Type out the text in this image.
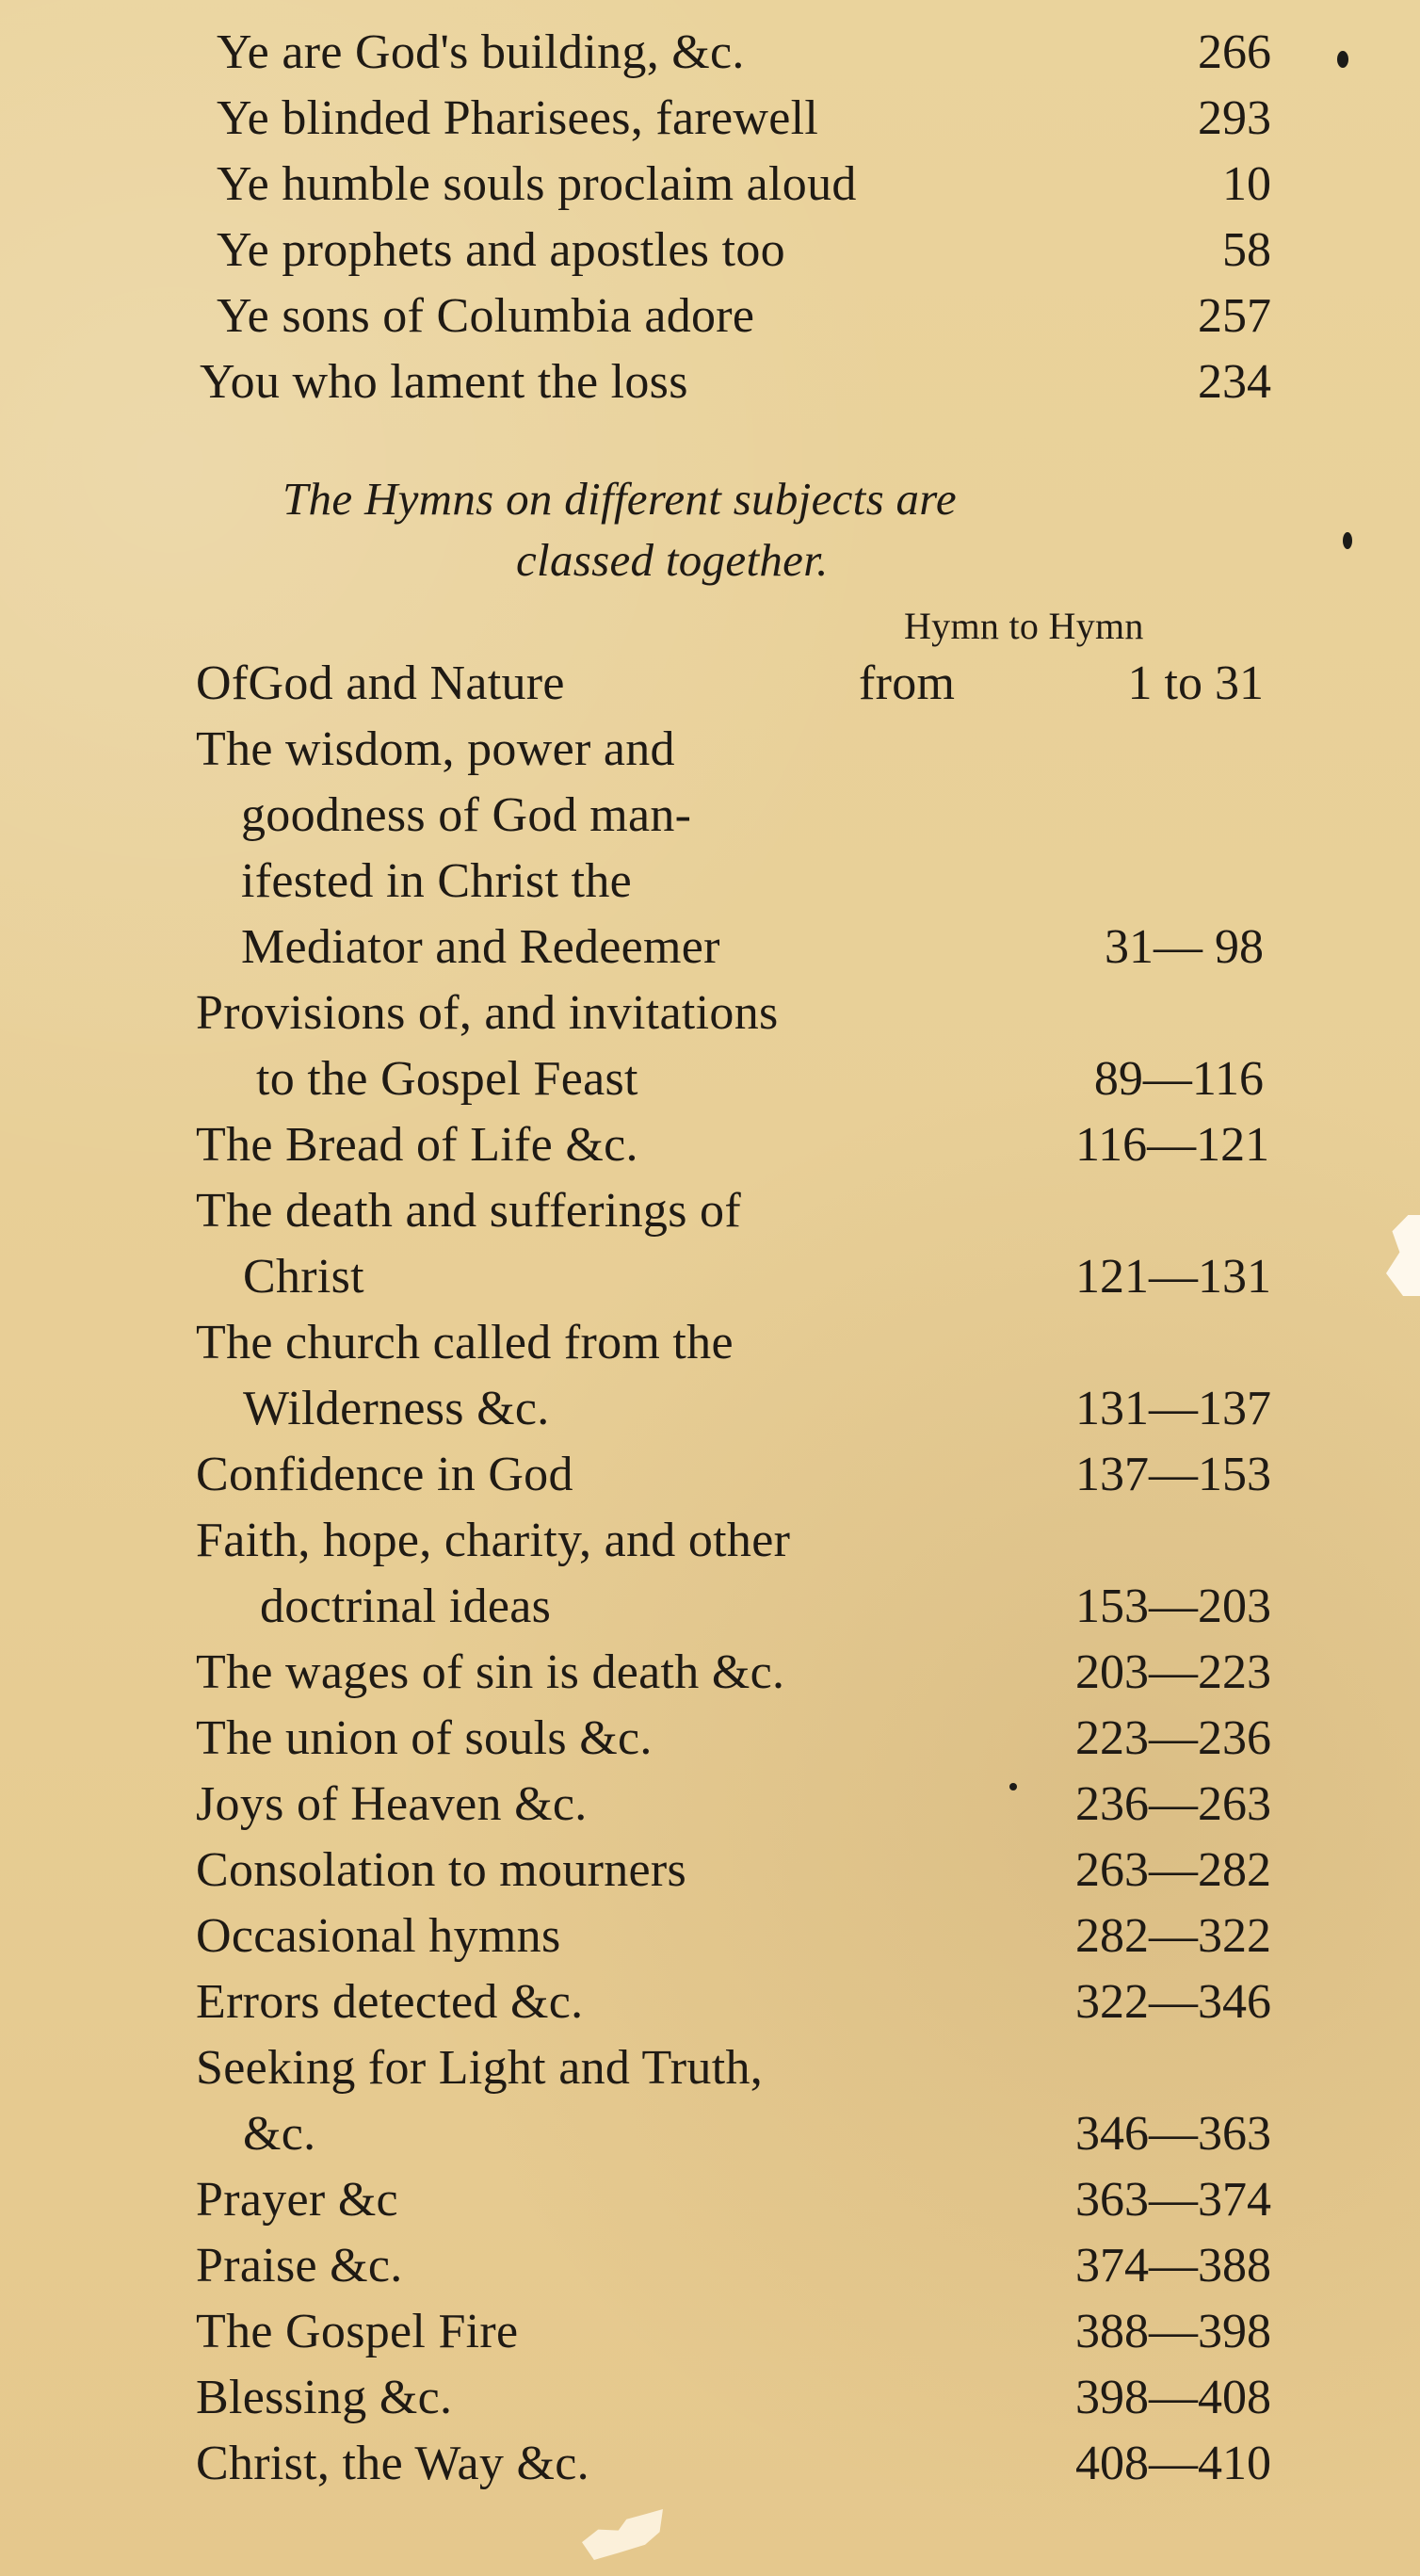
Ye are God's building, &c.	266
Ye blinded Pharisees, farewell	293
Ye humble souls proclaim aloud	10
Ye prophets and apostles too	58
Ye sons of Columbia adore	257
You who lament the loss	234
The Hymns on different subjects are
classed together.
Hymn to Hymn
OfGod and Nature	from	1 to 31
The wisdom, power and
goodness of God man-
ifested in Christ the
Mediator and Redeemer	31— 98
Provisions of, and invitations
to the Gospel Feast	89—116
The Bread of Life &c.	116—121
The death and sufferings of
Christ	121—131
The church called from the
Wilderness &c.	131—137
Confidence in God	137—153
Faith, hope, charity, and other
doctrinal ideas	153—203
The wages of sin is death &c.	203—223
The union of souls &c.	223—236
Joys of Heaven &c.	236—263
Consolation to mourners	263—282
Occasional hymns	282—322
Errors detected &c.	322—346
Seeking for Light and Truth,
&c.	346—363
Prayer &c	363—374
Praise &c.	374—388
The Gospel Fire	388—398
Blessing &c.	398—408
Christ, the Way &c.	408—410
